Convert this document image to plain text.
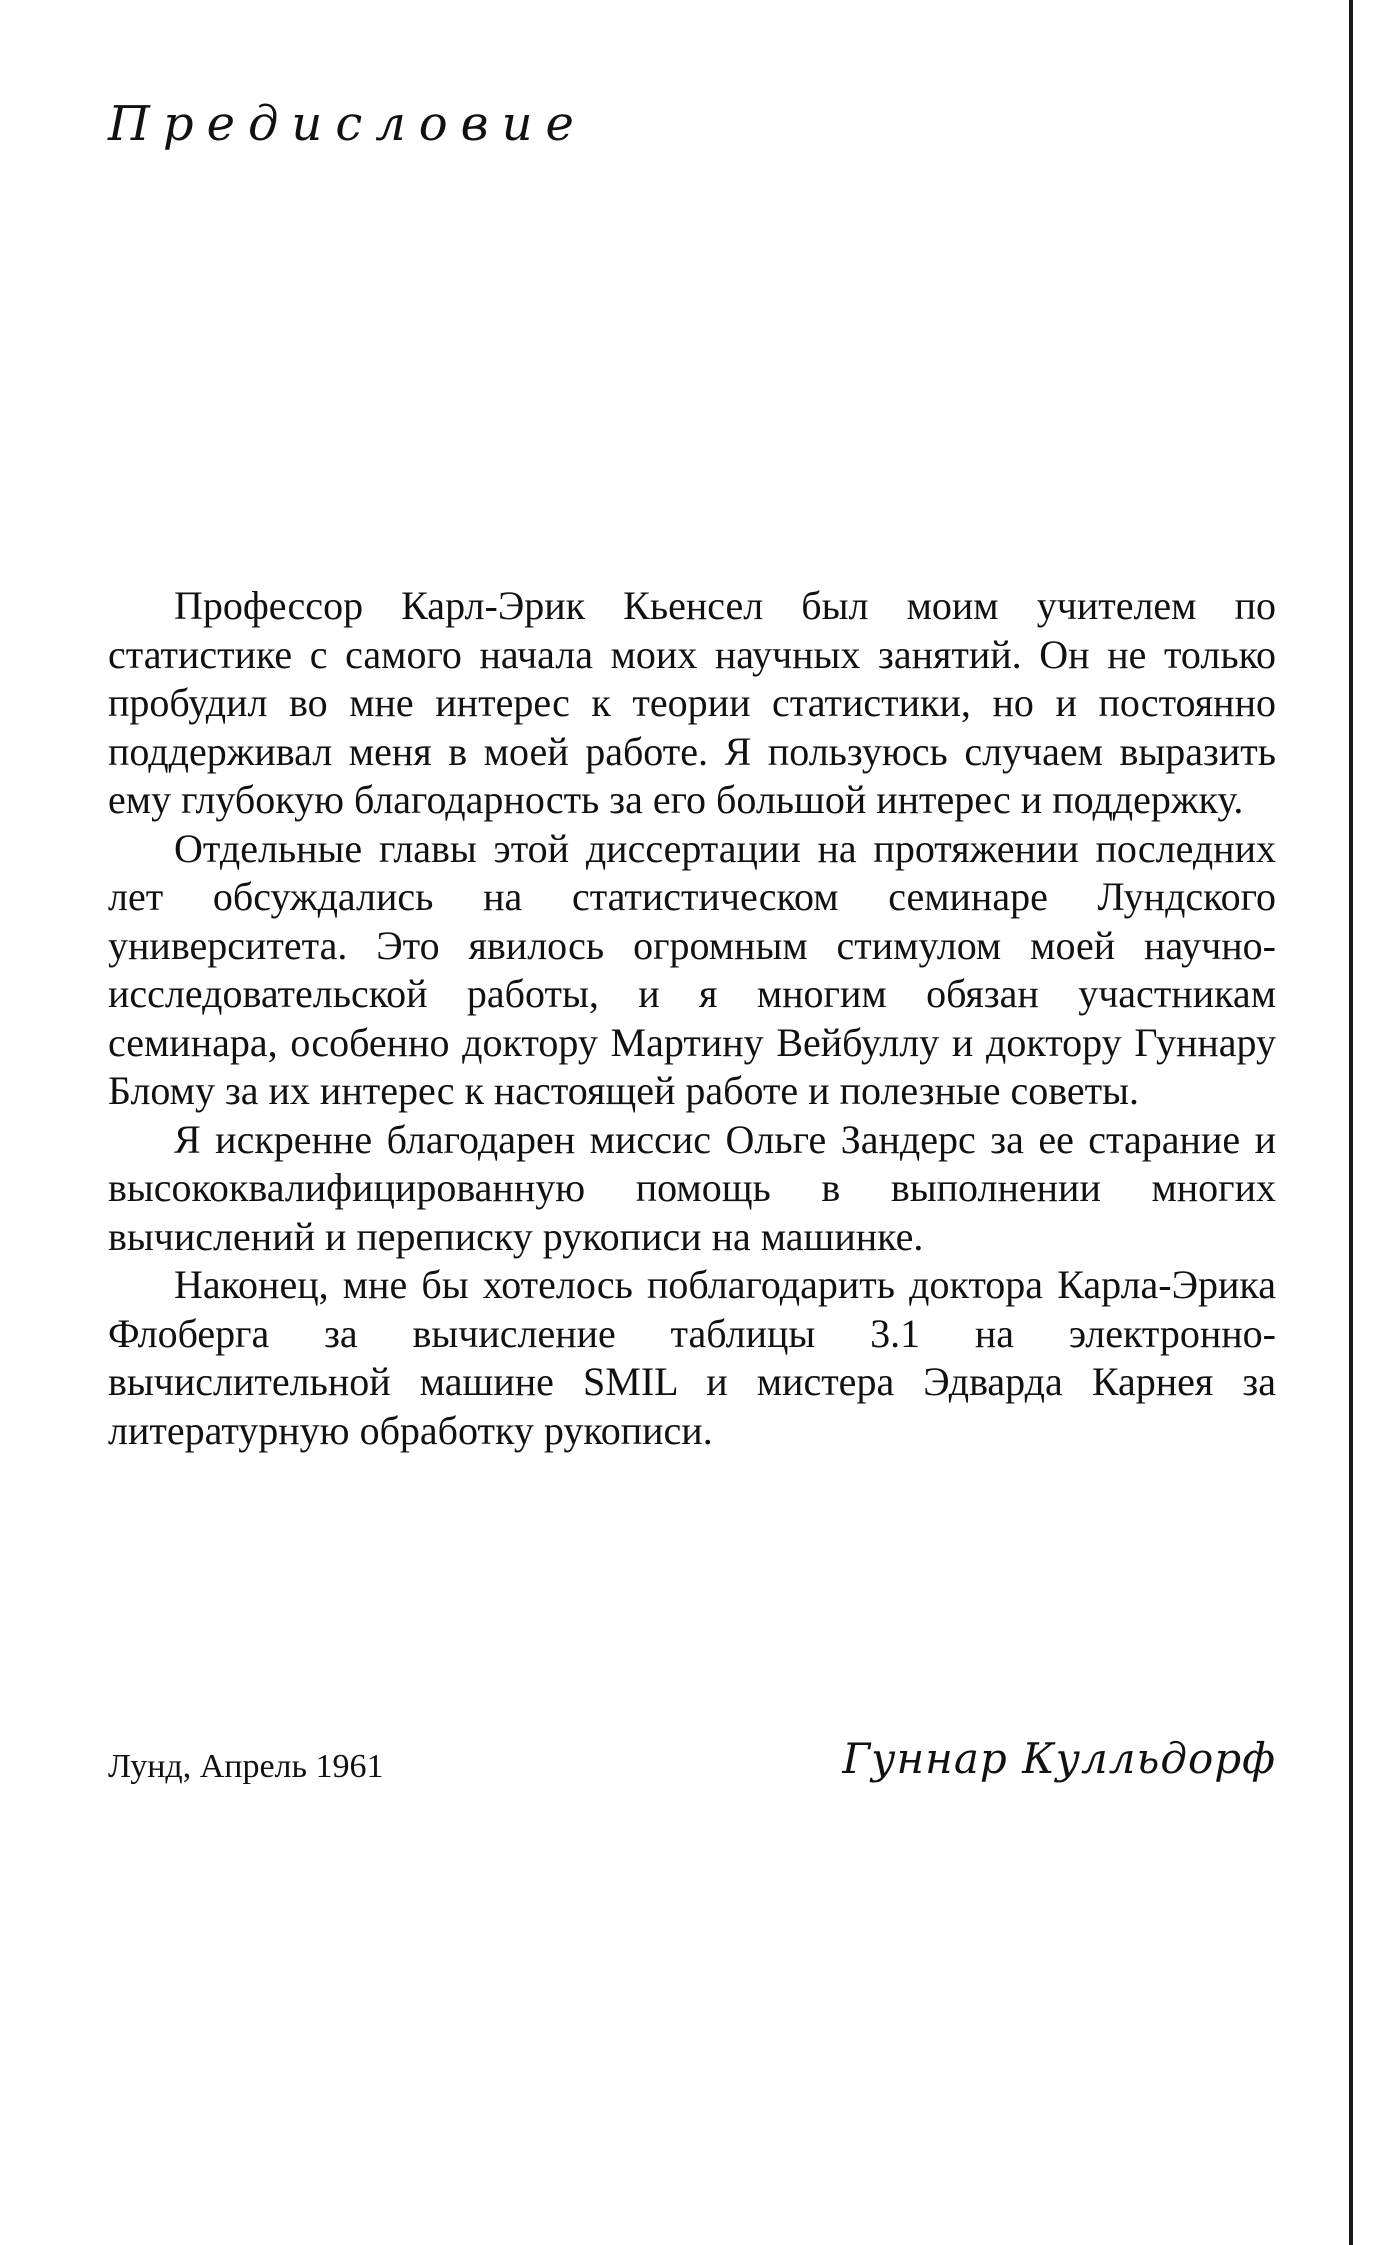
Предисловие

Профессор Карл-Эрик Кьенсел был моим учителем по статистике с самого начала моих научных занятий. Он не только пробудил во мне интерес к теории статистики, но и постоянно поддерживал меня в моей работе. Я пользуюсь случаем выразить ему глубокую благодарность за его большой интерес и поддержку.

Отдельные главы этой диссертации на протяжении последних лет обсуждались на статистическом семинаре Лундского университета. Это явилось огромным стимулом моей научно-исследовательской работы, и я многим обязан участникам семинара, особенно доктору Мартину Вейбуллу и доктору Гуннару Блому за их интерес к настоящей работе и полезные советы.

Я искренне благодарен миссис Ольге Зандерс за ее старание и высококвалифицированную помощь в выполнении многих вычислений и переписку рукописи на машинке.

Наконец, мне бы хотелось поблагодарить доктора Карла-Эрика Флоберга за вычисление таблицы 3.1 на электронно-вычислительной машине SMIL и мистера Эдварда Карнея за литературную обработку рукописи.

Лунд, Апрель 1961	Гуннар Кулльдорф
